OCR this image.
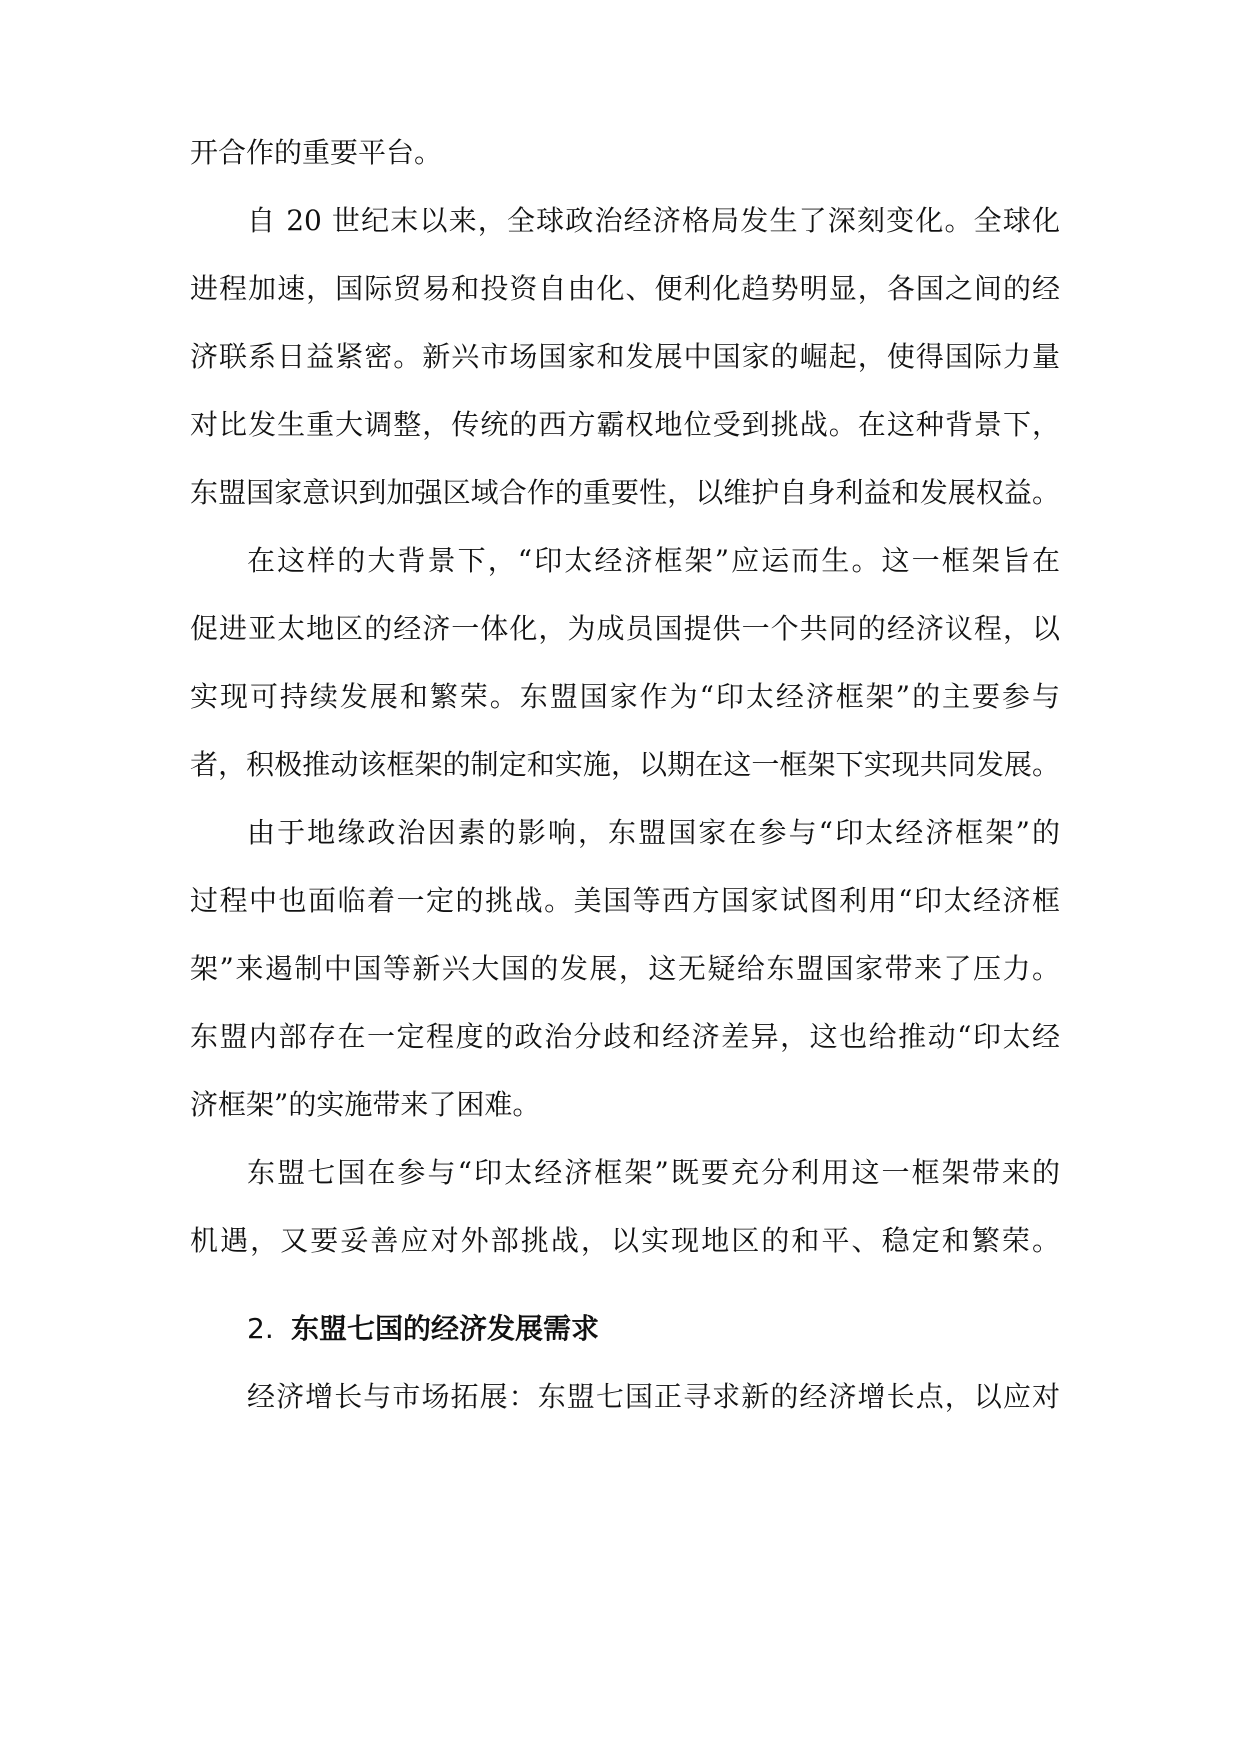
开合作的重要平台。
自 20 世纪末以来，全球政治经济格局发生了深刻变化。全球化
进程加速，国际贸易和投资自由化、便利化趋势明显，各国之间的经
济联系日益紧密。新兴市场国家和发展中国家的崛起，使得国际力量
对比发生重大调整，传统的西方霸权地位受到挑战。在这种背景下，
东盟国家意识到加强区域合作的重要性，以维护自身利益和发展权益。
在这样的大背景下，“印太经济框架”应运而生。这一框架旨在
促进亚太地区的经济一体化，为成员国提供一个共同的经济议程，以
实现可持续发展和繁荣。东盟国家作为“印太经济框架”的主要参与
者，积极推动该框架的制定和实施，以期在这一框架下实现共同发展。
由于地缘政治因素的影响，东盟国家在参与“印太经济框架”的
过程中也面临着一定的挑战。美国等西方国家试图利用“印太经济框
架”来遏制中国等新兴大国的发展，这无疑给东盟国家带来了压力。
东盟内部存在一定程度的政治分歧和经济差异，这也给推动“印太经
济框架”的实施带来了困难。
东盟七国在参与“印太经济框架”既要充分利用这一框架带来的
机遇，又要妥善应对外部挑战，以实现地区的和平、稳定和繁荣。
2. 东盟七国的经济发展需求
经济增长与市场拓展：东盟七国正寻求新的经济增长点，以应对
